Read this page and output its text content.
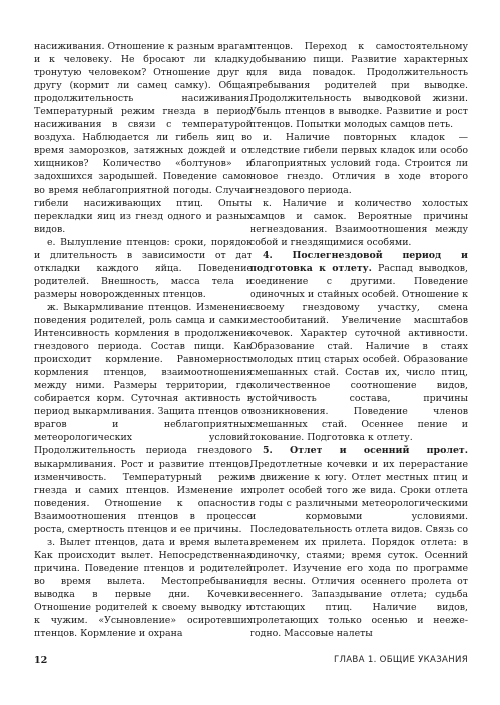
насиживания. Отношение к разным врагам и к человеку. Не бросают ли кладку, тронутую человеком? Отношение друг к другу (кормит ли самец самку). Общая продолжительность насиживания. Температурный режим гнезда в период насиживания в связи с температурой воздуха. Наблюдается ли гибель яиц во время заморозков, затяжных дождей и от хищников? Количество «болтунов» и задохшихся зародышей. Поведение самок во время неблагоприятной погоды. Случаи гибели насиживающих птиц. Опыты перекладки яиц из гнезд одного и разных видов.

е. Вылупление птенцов: сроки, порядок и длительность в зависимости от дат откладки каждого яйца. Поведение родителей. Внешность, масса тела и размеры новорожденных птенцов.

ж. Выкармливание птенцов. Изменение поведения родителей, роль самца и самки. Интенсивность кормления в продолжение гнездового периода. Состав пищи. Как происходит кормление. Равномерность кормления птенцов, взаимоотношения между ними. Размеры территории, где собирается корм. Суточная активность в период выкармливания. Защита птенцов от врагов и неблагоприятных метеорологических условий. Продолжительность периода гнездового выкармливания. Рост и развитие птенцов, изменчивость. Температурный режим гнезда и самих птенцов. Изменение их поведения. Отношение к опасности. Взаимоотношения птенцов в процессе роста, смертность птенцов и ее причины.

з. Вылет птенцов, дата и время вылета. Как происходит вылет. Непосредственная причина. Поведение птенцов и родителей во время вылета. Местопребывание выводка в первые дни. Кочевки. Отношение родителей к своему выводку и к чужим. «Усыновление» осиротевших птенцов. Кормление и охрана

птенцов. Переход к самостоятельному добыванию пищи. Развитие характерных для вида повадок. Продолжительность пребывания родителей при выводке. Продолжительность выводковой жизни. Убыль птенцов в выводке. Развитие и рост птенцов. Попытки молодых самцов петь.

и. Наличие повторных кладок — следствие гибели первых кладок или особо благоприятных условий года. Строится ли новое гнездо. Отличия в ходе второго гнездового периода.

к. Наличие и количество холостых самцов и самок. Вероятные причины негнездования. Взаимоотношения между собой и гнездящимися особями.

4. Послегнездовой период и подготовка к отлету. Распад выводков, соединение с другими. Поведение одиночных и стайных особей. Отношение к своему гнездовому участку, смена местообитаний. Увеличение масштабов кочевок. Характер суточной активности. Образование стай. Наличие в стаях молодых птиц старых особей. Образование смешанных стай. Состав их, число птиц, количественное соотношение видов, устойчивость состава, причины возникновения. Поведение членов смешанных стай. Осеннее пение и токование. Подготовка к отлету.

5. Отлет и осенний пролет. Предотлетные кочевки и их перерастание в движение к югу. Отлет местных птиц и пролет особей того же вида. Сроки отлета в годы с различными метеорологическими и кормовыми условиями. Последовательность отлета видов. Связь со временем их прилета. Порядок отлета: в одиночку, стаями; время суток. Осенний пролет. Изучение его хода по программе для весны. Отличия осеннего пролета от весеннего. Запаздывание отлета; судьба отстающих птиц. Наличие видов, пролетающих только осенью и неежегодно. Массовые налеты

12	ГЛАВА 1. ОБЩИЕ УКАЗАНИЯ
